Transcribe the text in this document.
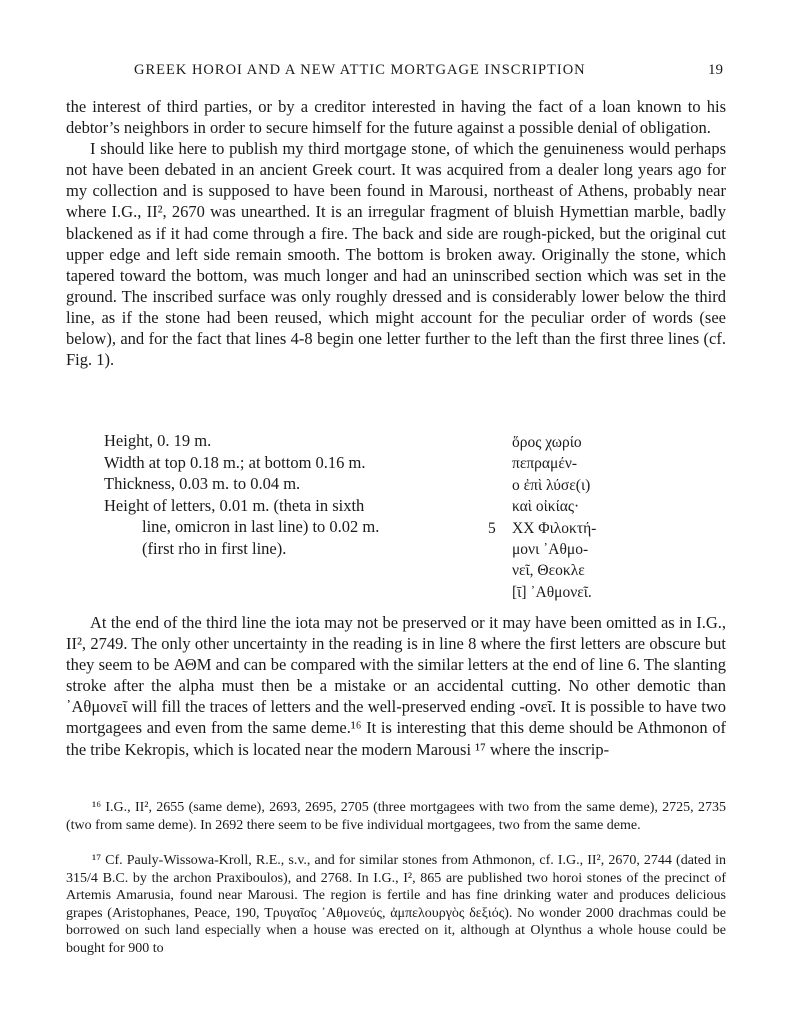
GREEK HOROI AND A NEW ATTIC MORTGAGE INSCRIPTION	19

the interest of third parties, or by a creditor interested in having the fact of a loan known to his debtor’s neighbors in order to secure himself for the future against a possible denial of obligation.

I should like here to publish my third mortgage stone, of which the genuineness would perhaps not have been debated in an ancient Greek court. It was acquired from a dealer long years ago for my collection and is supposed to have been found in Marousi, northeast of Athens, probably near where I.G., II², 2670 was unearthed. It is an irregular fragment of bluish Hymettian marble, badly blackened as if it had come through a fire. The back and side are rough-picked, but the original cut upper edge and left side remain smooth. The bottom is broken away. Originally the stone, which tapered toward the bottom, was much longer and had an uninscribed section which was set in the ground. The inscribed surface was only roughly dressed and is considerably lower below the third line, as if the stone had been reused, which might account for the peculiar order of words (see below), and for the fact that lines 4-8 begin one letter further to the left than the first three lines (cf. Fig. 1).

Height, 0. 19 m.
Width at top 0.18 m.; at bottom 0.16 m.
Thickness, 0.03 m. to 0.04 m.
Height of letters, 0.01 m. (theta in sixth line, omicron in last line) to 0.02 m. (first rho in first line).
ὅρος χωρίο
πεπραμέν-
ο ἐπὶ λύσε(ι)
καὶ οἰκίας·
5 XX Φιλοκτή-
μονι ᾽Αθμο-
νεῖ, Θεοκλε
[ῑ] ᾽Αθμονεῖ.

At the end of the third line the iota may not be preserved or it may have been omitted as in I.G., II², 2749. The only other uncertainty in the reading is in line 8 where the first letters are obscure but they seem to be ΑΘΜ and can be compared with the similar letters at the end of line 6. The slanting stroke after the alpha must then be a mistake or an accidental cutting. No other demotic than ᾽Αθμονεῖ will fill the traces of letters and the well-preserved ending -ονεῖ. It is possible to have two mortgagees and even from the same deme.¹⁶ It is interesting that this deme should be Athmonon of the tribe Kekropis, which is located near the modern Marousi ¹⁷ where the inscrip-

¹⁶ I.G., II², 2655 (same deme), 2693, 2695, 2705 (three mortgagees with two from the same deme), 2725, 2735 (two from same deme). In 2692 there seem to be five individual mortgagees, two from the same deme.

¹⁷ Cf. Pauly-Wissowa-Kroll, R.E., s.v., and for similar stones from Athmonon, cf. I.G., II², 2670, 2744 (dated in 315/4 B.C. by the archon Praxiboulos), and 2768. In I.G., I², 865 are published two horoi stones of the precinct of Artemis Amarusia, found near Marousi. The region is fertile and has fine drinking water and produces delicious grapes (Aristophanes, Peace, 190, Τρυγαῖος ᾽Αθμονεύς, ἀμπελουργὸς δεξιός). No wonder 2000 drachmas could be borrowed on such land especially when a house was erected on it, although at Olynthus a whole house could be bought for 900 to
